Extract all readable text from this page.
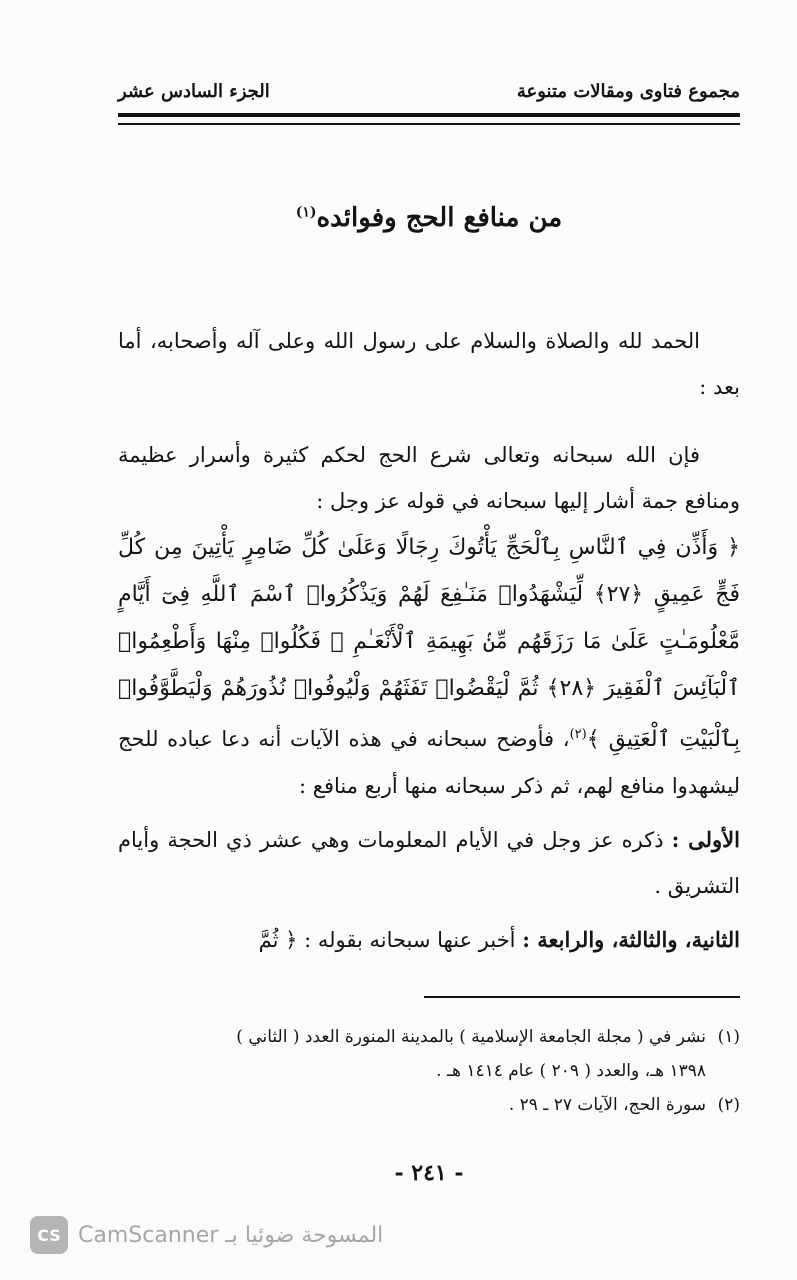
مجموع فتاوى ومقالات متنوعة
الجزء السادس عشر
من منافع الحج وفوائده$^{(١)}$

الحمد لله والصلاة والسلام على رسول الله وعلى آله وأصحابه، أما بعد :

فإن الله سبحانه وتعالى شرع الحج لحكم كثيرة وأسرار عظيمة ومنافع جمة أشار إليها سبحانه في قوله عز وجل :

﴿ وَأَذِّن فِي ٱلنَّاسِ بِٱلْحَجِّ يَأْتُوكَ رِجَالًا وَعَلَىٰ كُلِّ ضَامِرٍ يَأْتِينَ مِن كُلِّ فَجٍّ عَمِيقٍ ﴿٢٧﴾ لِّيَشْهَدُوا۟ مَنَـٰفِعَ لَهُمْ وَيَذْكُرُوا۟ ٱسْمَ ٱللَّهِ فِىٓ أَيَّامٍ مَّعْلُومَـٰتٍ عَلَىٰ مَا رَزَقَهُم مِّنۢ بَهِيمَةِ ٱلْأَنْعَـٰمِ ۖ فَكُلُوا۟ مِنْهَا وَأَطْعِمُوا۟ ٱلْبَآئِسَ ٱلْفَقِيرَ ﴿٢٨﴾ ثُمَّ لْيَقْضُوا۟ تَفَثَهُمْ وَلْيُوفُوا۟ نُذُورَهُمْ وَلْيَطَّوَّفُوا۟ بِٱلْبَيْتِ ٱلْعَتِيقِ ﴾$^{(٢)}$، فأوضح سبحانه في هذه الآيات أنه دعا عباده للحج ليشهدوا منافع لهم، ثم ذكر سبحانه منها أربع منافع :

الأولى : ذكره عز وجل في الأيام المعلومات وهي عشر ذي الحجة وأيام التشريق .

الثانية، والثالثة، والرابعة : أخبر عنها سبحانه بقوله : ﴿ ثُمَّ

(١)نشر في ( مجلة الجامعة الإسلامية ) بالمدينة المنورة العدد ( الثاني )

١٣٩٨ هـ، والعدد ( ٢٠٩ ) عام ١٤١٤ هـ .

(٢)سورة الحج، الآيات ٢٧ ـ ٢٩ .

- ٢٤١ -
CS CamScanner المسوحة ضوئيا بـ
